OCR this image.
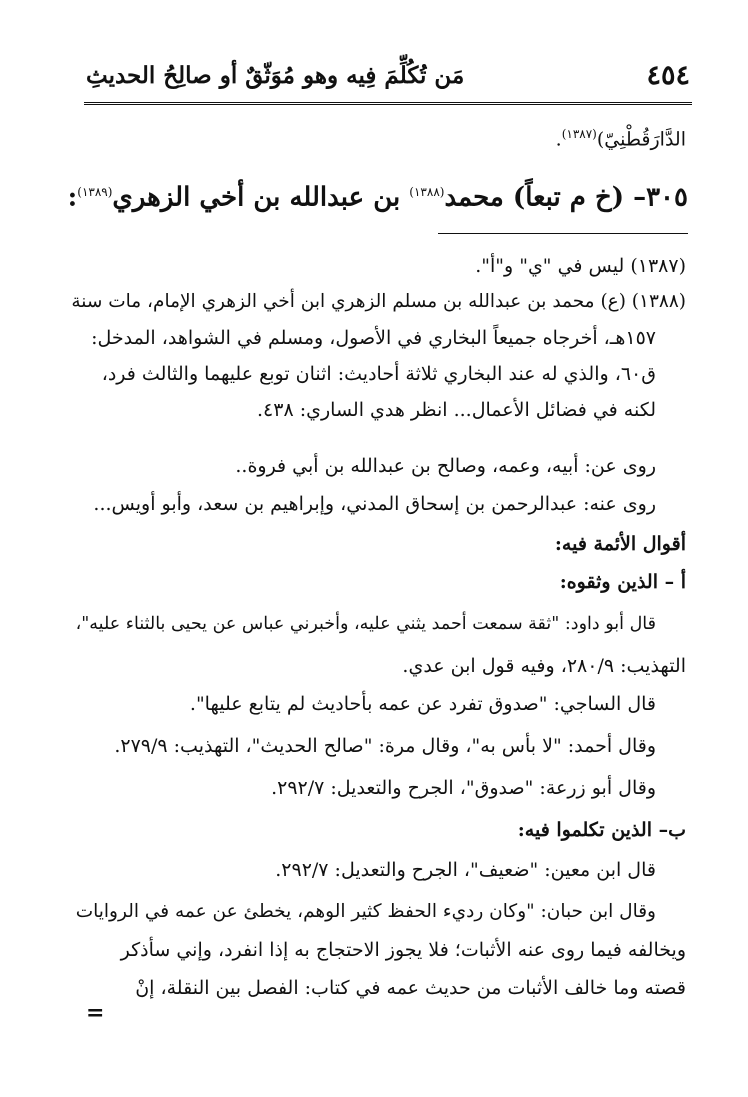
٤٥٤
مَن تُكُلِّمَ فِيه وهو مُوَثّقٌ أو صالِحُ الحديثِ
الدَّارَقُطْنِيّ)$^{(١٣٨٧)}$.
٣٠٥– (خ م تبعاً) محمد$^{(١٣٨٨)}$ بن عبدالله بن أخي الزهري$^{(١٣٨٩)}$:
(١٣٨٧) ليس في "ي" و"أ".
(١٣٨٨) (ع) محمد بن عبدالله بن مسلم الزهري ابن أخي الزهري الإمام، مات سنة
١٥٧هـ، أخرجاه جميعاً البخاري في الأصول، ومسلم في الشواهد، المدخل:
ق٦٠، والذي له عند البخاري ثلاثة أحاديث: اثنان توبع عليهما والثالث فرد،
لكنه في فضائل الأعمال... انظر هدي الساري: ٤٣٨.
روى عن: أبيه، وعمه، وصالح بن عبدالله بن أبي فروة..
روى عنه: عبدالرحمن بن إسحاق المدني، وإبراهيم بن سعد، وأبو أويس...
أقوال الأئمة فيه:
أ – الذين وثقوه:
قال أبو داود: "ثقة سمعت أحمد يثني عليه، وأخبرني عباس عن يحيى بالثناء عليه"،
التهذيب: ٢٨٠/٩، وفيه قول ابن عدي.
قال الساجي: "صدوق تفرد عن عمه بأحاديث لم يتابع عليها".
وقال أحمد: "لا بأس به"، وقال مرة: "صالح الحديث"، التهذيب: ٢٧٩/٩.
وقال أبو زرعة: "صدوق"، الجرح والتعديل: ٢٩٢/٧.
ب– الذين تكلموا فيه:
قال ابن معين: "ضعيف"، الجرح والتعديل: ٢٩٢/٧.
وقال ابن حبان: "وكان رديء الحفظ كثير الوهم، يخطئ عن عمه في الروايات
ويخالفه فيما روى عنه الأثبات؛ فلا يجوز الاحتجاج به إذا انفرد، وإني سأذكر
قصته وما خالف الأثبات من حديث عمه في كتاب: الفصل بين النقلة، إنْ
=
